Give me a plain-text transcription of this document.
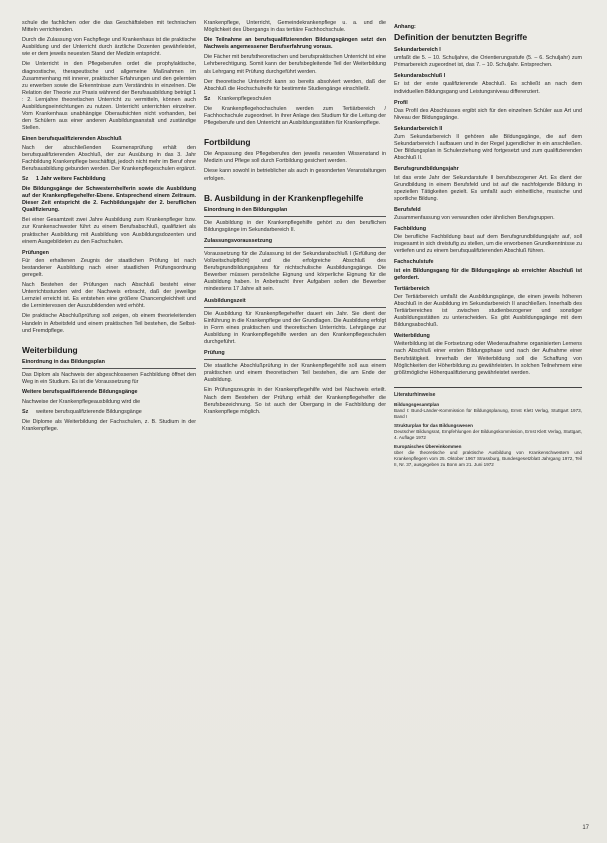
schule die fachlichen oder die das Geschäftsleben mit technischen Mitteln verrichtenden.

Durch die Zulassung von Fachpflege und Krankenhaus ist die praktische Ausbildung und der Unterricht durch ärztliche Dozenten gewährleistet, wie er dem jeweils neuesten Stand der Medizin entspricht.

Die Unterricht in den Pflegeberufen ordet die prophylaktische, diagnostische, therapeutische und allgemeine Maßnahmen im Zusammenhang mit innerer, praktischer Erfahrungen und den gelernten zu erwerben sowie die Erkenntnisse zum Verständnis in einzelnen. Die Relation der Theorie zur Praxis während der Berufsausbildung beträgt 1 : 2. Lernjahre theoretischen Unterricht zu vermitteln, können auch Ausbildungseinrichtungen zu nutzen. Unterricht unterrichten einzelner. Vom Krankenhaus unabhängige Oberaufsichten nicht vorhanden, bei den Schülern aus einer anderen Ausbildungsanstalt und zuständige Stellen.

Einen berufsqualifizierenden Abschluß

Nach der abschließenden Examensprüfung erhält den berufsqualifizierenden Abschluß, der zur Ausübung in das 3. Jahr Fachbildung Krankenpflege beschäftigt, jedoch nicht mehr im Beruf ohne Berufsausbildung gebunden werden. Der Krankenpflegeschulen ergänzt.

Sz	1 Jahr weitere Fachbildung

Die Bildungsgänge der Schwesternhelferin sowie die Ausbildung auf der Krankenpflegehelfer-Ebene. Entsprechend einem Zeitraum. Dieser Zeit entspricht die 2. Fachbildungsjahr der 2. beruflichen Qualifizierung.

Bei einer Gesamtzeit zwei Jahre Ausbildung zum Krankenpfleger bzw. zur Krankenschwester führt zu einem Berufsabschluß, qualifiziert als praktischer Ausbildung mit Ausbildung von Ausbildungsdozenten und einem Ausgebildeten zu den Fachschulen.

Prüfungen

Für den erhaltenen Zeugnis der staatlichen Prüfung ist nach bestandener Ausbildung nach einer staatlichen Prüfungsordnung geregelt.

Nach Bestehen der Prüfungen nach Abschluß besteht einer Unterrichtsstunden wird der Nachweis erbracht, daß der jeweilige Lernziel erreicht ist. Es entstehen eine größere Chancengleichheit und die Lerninteressen der Auszubildenden wird erhöht.

Die praktische Abschlußprüfung soll zeigen, ob einem theorieleitenden Handeln in Arbeitsfeld und einem praktischen Teil bestehen, die Selbst- und Fremdpflege.

Weiterbildung
Einordnung in das Bildungsplan

Das Diplom als Nachweis der abgeschlossenen Fachbildung öffnet den Weg in ein Studium. Es ist die Voraussetzung für

Weitere berufsqualifizierende Bildungsgänge

Nachweise der Krankenpflegeausbildung wird die

Sz	weitere berufsqualifizierende Bildungsgänge

Die Diplome als Weiterbildung der Fachschulen, z. B. Studium in der Krankenpflege.

Krankenpflege, Unterricht, Gemeindekrankenpflege u. a. und die Möglichkeit des Übergangs in das tertiäre Fachhochschule.

Die Teilnahme an berufsqualifizierenden Bildungsgängen setzt den Nachweis angemessener Berufserfahrung voraus.

Die Fächer mit berufstheoretischen und berufspraktischen Unterricht ist eine Lehrberechtigung. Somit kann der berufsbegleitende Teil der Weiterbildung als Lehrgang mit Prüfung durchgeführt werden.

Der theoretische Unterricht kann so bereits absolviert werden, daß der Abschluß die Hochschulreife für bestimmte Studiengänge einschließt.

Sz	Krankenpflegeschulen

Die Krankenpflegehochschulen werden zum Tertiärbereich / Fachhochschule zugeordnet. In ihrer Anlage des Studium für die Leitung der Pflegeberufe und den Unterricht an Ausbildungsstätten für Krankenpflege.

Fortbildung

Die Anpassung des Pflegeberufes den jeweils neuesten Wissenstand in Medizin und Pflege soll durch Fortbildung gesichert werden.

Diese kann sowohl in betrieblicher als auch in gesonderten Veranstaltungen erfolgen.

B. Ausbildung in der Krankenpflegehilfe
Einordnung in den Bildungsplan

Die Ausbildung in der Krankenpflegehilfe gehört zu den beruflichen Bildungsgänge im Sekundarbereich II.

Zulassungsvoraussetzung

Voraussetzung für die Zulassung ist der Sekundarabschluß I (Erfüllung der Vollzeitschulpflicht) und die erfolgreiche Abschluß des Berufsgrundbildungsjahres für nichtschulische Ausbildungsgänge. Die Bewerber müssen persönliche Eignung und körperliche Eignung für die Ausbildung haben. In Anbetracht ihrer Aufgaben sollen die Bewerber mindestens 17 Jahre alt sein.

Ausbildungszeit

Die Ausbildung für Krankenpflegehelfer dauert ein Jahr. Sie dient der Einführung in die Krankenpflege und der Grundlagen. Die Ausbildung erfolgt in Form eines praktischen und theoretischen Unterrichts. Lehrgänge zur Ausbildung in Krankenpflegehilfe werden an den Krankenpflegeschulen durchgeführt.

Prüfung

Die staatliche Abschlußprüfung in der Krankenpflegehilfe soll aus einem praktischen und einem theoretischen Teil bestehen, die am Ende der Ausbildung.

Ein Prüfungszeugnis in der Krankenpflegehilfe wird bei Nachweis erteilt. Nach dem Bestehen der Prüfung erhält der Krankenpflegehelfer die Berufsbezeichnung. So ist auch der Übergang in die Fachbildung der Krankenpflege möglich.

Anhang:
Definition der benutzten Begriffe
Sekundarbereich I

umfaßt die 5. – 10. Schuljahre, die Orientierungsstufe (5. – 6. Schuljahr) zum Primarbereich zugeordnet ist, das 7. – 10. Schuljahr. Entsprechen.

Sekundarabschluß I

Er ist der erste qualifizierende Abschluß. Es schließt an nach dem individuellen Bildungsgang und Leistungsniveau differenziert.

Profil

Das Profil des Abschlusses ergibt sich für den einzelnen Schüler aus Art und Niveau der Bildungsgänge.

Sekundarbereich II

Zum Sekundarbereich II gehören alle Bildungsgänge, die auf dem Sekundarbereich I aufbauen und in der Regel jugendlicher in ein anschließen. Der Bildungsplan in Schulerziehung wird fortgesetzt und zum qualifizierenden Abschluß II.

Berufsgrundbildungsjahr

Ist das erste Jahr der Sekundarstufe II berufsbezogener Art. Es dient der Grundbildung in einem Berufsfeld und ist auf die nachfolgende Bildung in speziellen Tätigkeiten gezielt. Es umfaßt auch einheitliche, musische und sportliche Bildung.

Berufsfeld

Zusammenfassung von verwandten oder ähnlichen Berufsgruppen.

Fachbildung

Die berufliche Fachbildung baut auf dem Berufsgrundbildungsjahr auf, soll insgesamt in sich dreistufig zu stellen, um die erworbenen Grundkenntnisse zu vertiefen und zu einem berufsqualifizierenden Abschluß führen.

Fachschulstufe

ist ein Bildungsgang für die Bildungsgänge ab erreichter Abschluß ist gefordert.

Tertiärbereich

Der Tertiärbereich umfaßt die Ausbildungsgänge, die einen jeweils höheren Abschluß in der Ausbildung im Sekundarbereich II anschließen. Innerhalb des Tertiärbereiches ist zwischen studienbezogener und sonstiger Ausbildungsstätten zu unterscheiden. Es gibt Ausbildungsgänge mit dem Bildungsabschluß.

Weiterbildung

Weiterbildung ist die Fortsetzung oder Wiederaufnahme organisierten Lernens nach Abschluß einer ersten Bildungsphase und nach der Aufnahme einer Berufstätigkeit. Innerhalb der Weiterbildung soll die Schaffung von Möglichkeiten der Höherbildung zu gewährleisten. In solchen Teilnehmern eine größtmögliche Höherqualifizierung gewährleistet werden.

Literaturhinweise
Bildungsgesamtplan
Band I: Bund-Länder-Kommission für Bildungsplanung, Ernst Klett Verlag, Stuttgart 1973, Band I
Strukturplan für das Bildungswesen
Deutscher Bildungsrat, Empfehlungen der Bildungskommission, Ernst Klett Verlag, Stuttgart, 4. Auflage 1972
Europäisches Übereinkommen
über die theoretische und praktische Ausbildung von Krankenschwestern und Krankenpflegern vom 25. Oktober 1967 Strassburg, Bundesgesetzblatt Jahrgang 1972, Teil II, Nr. 37, ausgegeben zu Bonn am 21. Juni 1972
17
